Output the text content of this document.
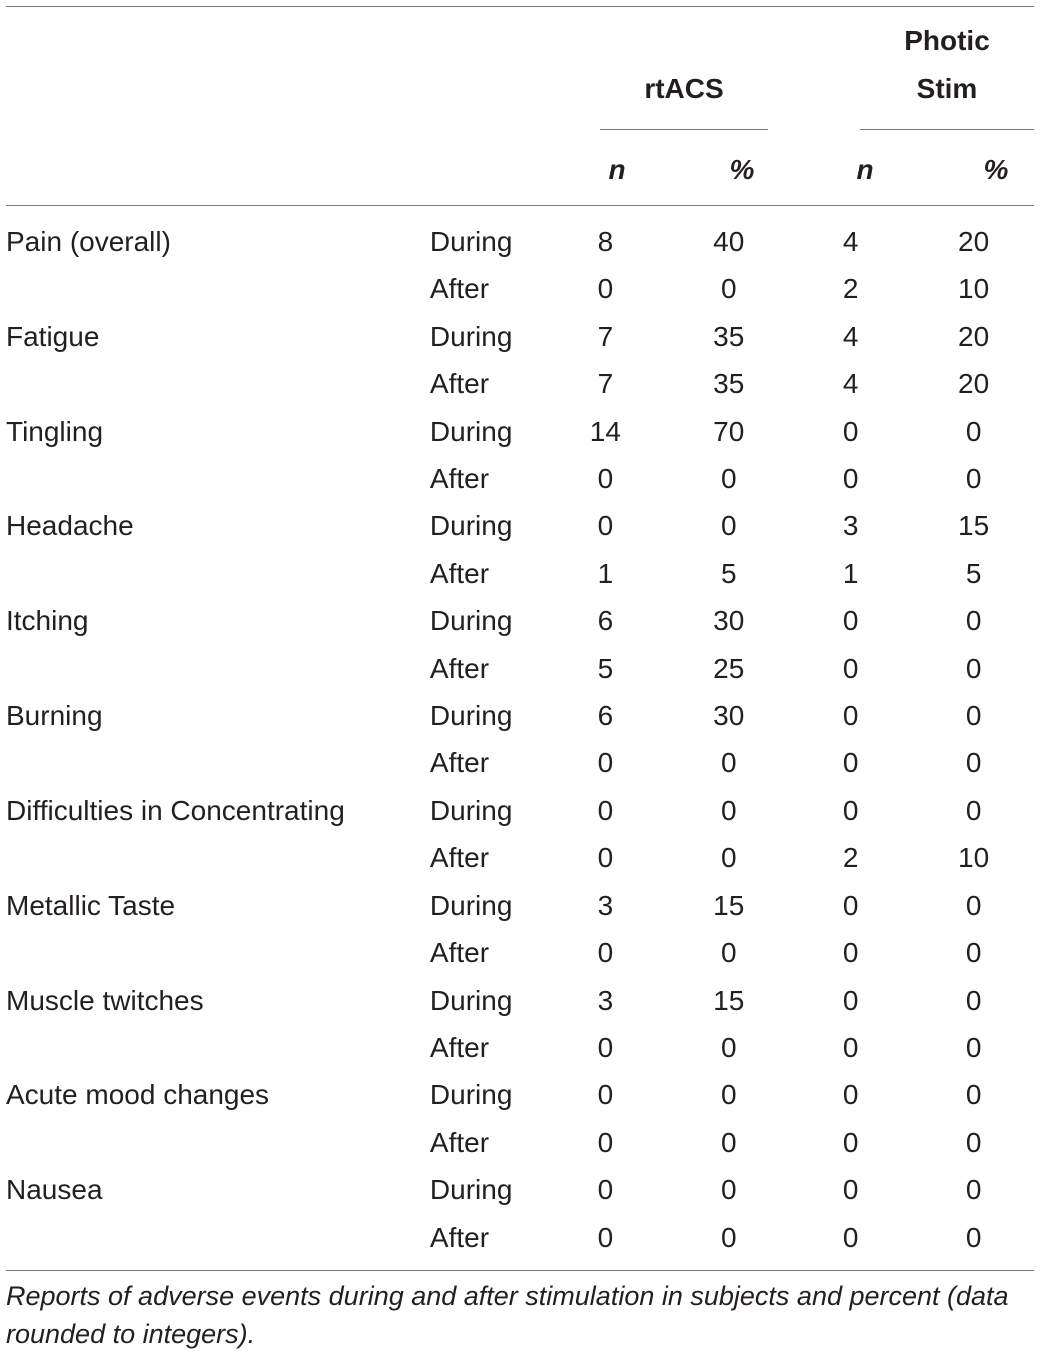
rtACS
Photic
Stim
n	%	n	%
Pain (overall)	During	8	40	4	20
	After	0	0	2	10
Fatigue	During	7	35	4	20
	After	7	35	4	20
Tingling	During	14	70	0	0
	After	0	0	0	0
Headache	During	0	0	3	15
	After	1	5	1	5
Itching	During	6	30	0	0
	After	5	25	0	0
Burning	During	6	30	0	0
	After	0	0	0	0
Difficulties in Concentrating	During	0	0	0	0
	After	0	0	2	10
Metallic Taste	During	3	15	0	0
	After	0	0	0	0
Muscle twitches	During	3	15	0	0
	After	0	0	0	0
Acute mood changes	During	0	0	0	0
	After	0	0	0	0
Nausea	During	0	0	0	0
	After	0	0	0	0
Reports of adverse events during and after stimulation in subjects and percent (data rounded to integers).
